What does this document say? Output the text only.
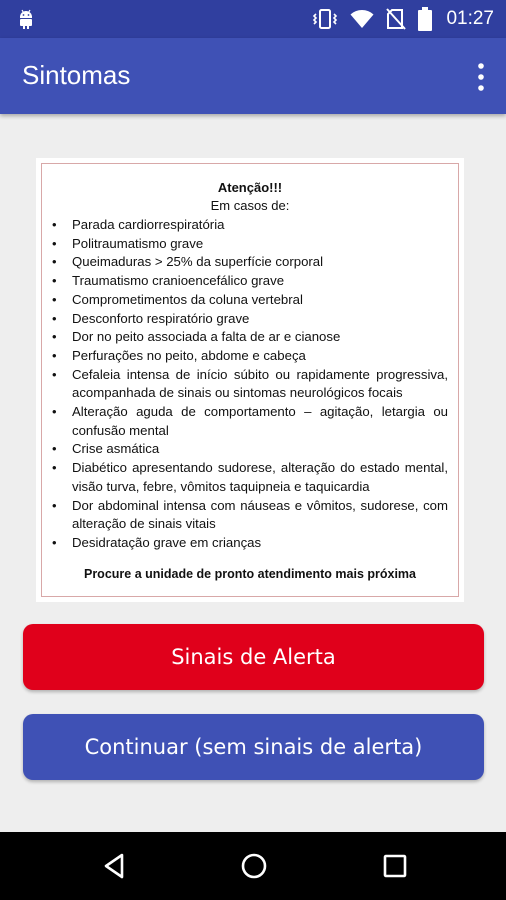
01:27
Sintomas
Atenção!!!
Em casos de:
• Parada cardiorrespiratória
• Politraumatismo grave
• Queimaduras > 25% da superfície corporal
• Traumatismo cranioencefálico grave
• Comprometimentos da coluna vertebral
• Desconforto respiratório grave
• Dor no peito associada a falta de ar e cianose
• Perfurações no peito, abdome e cabeça
• Cefaleia intensa de início súbito ou rapidamente progressiva, acompanhada de sinais ou sintomas neurológicos focais
• Alteração aguda de comportamento – agitação, letargia ou confusão mental
• Crise asmática
• Diabético apresentando sudorese, alteração do estado mental, visão turva, febre, vômitos taquipneia e taquicardia
• Dor abdominal intensa com náuseas e vômitos, sudorese, com alteração de sinais vitais
• Desidratação grave em crianças
Procure a unidade de pronto atendimento mais próxima
Sinais de Alerta
Continuar (sem sinais de alerta)
